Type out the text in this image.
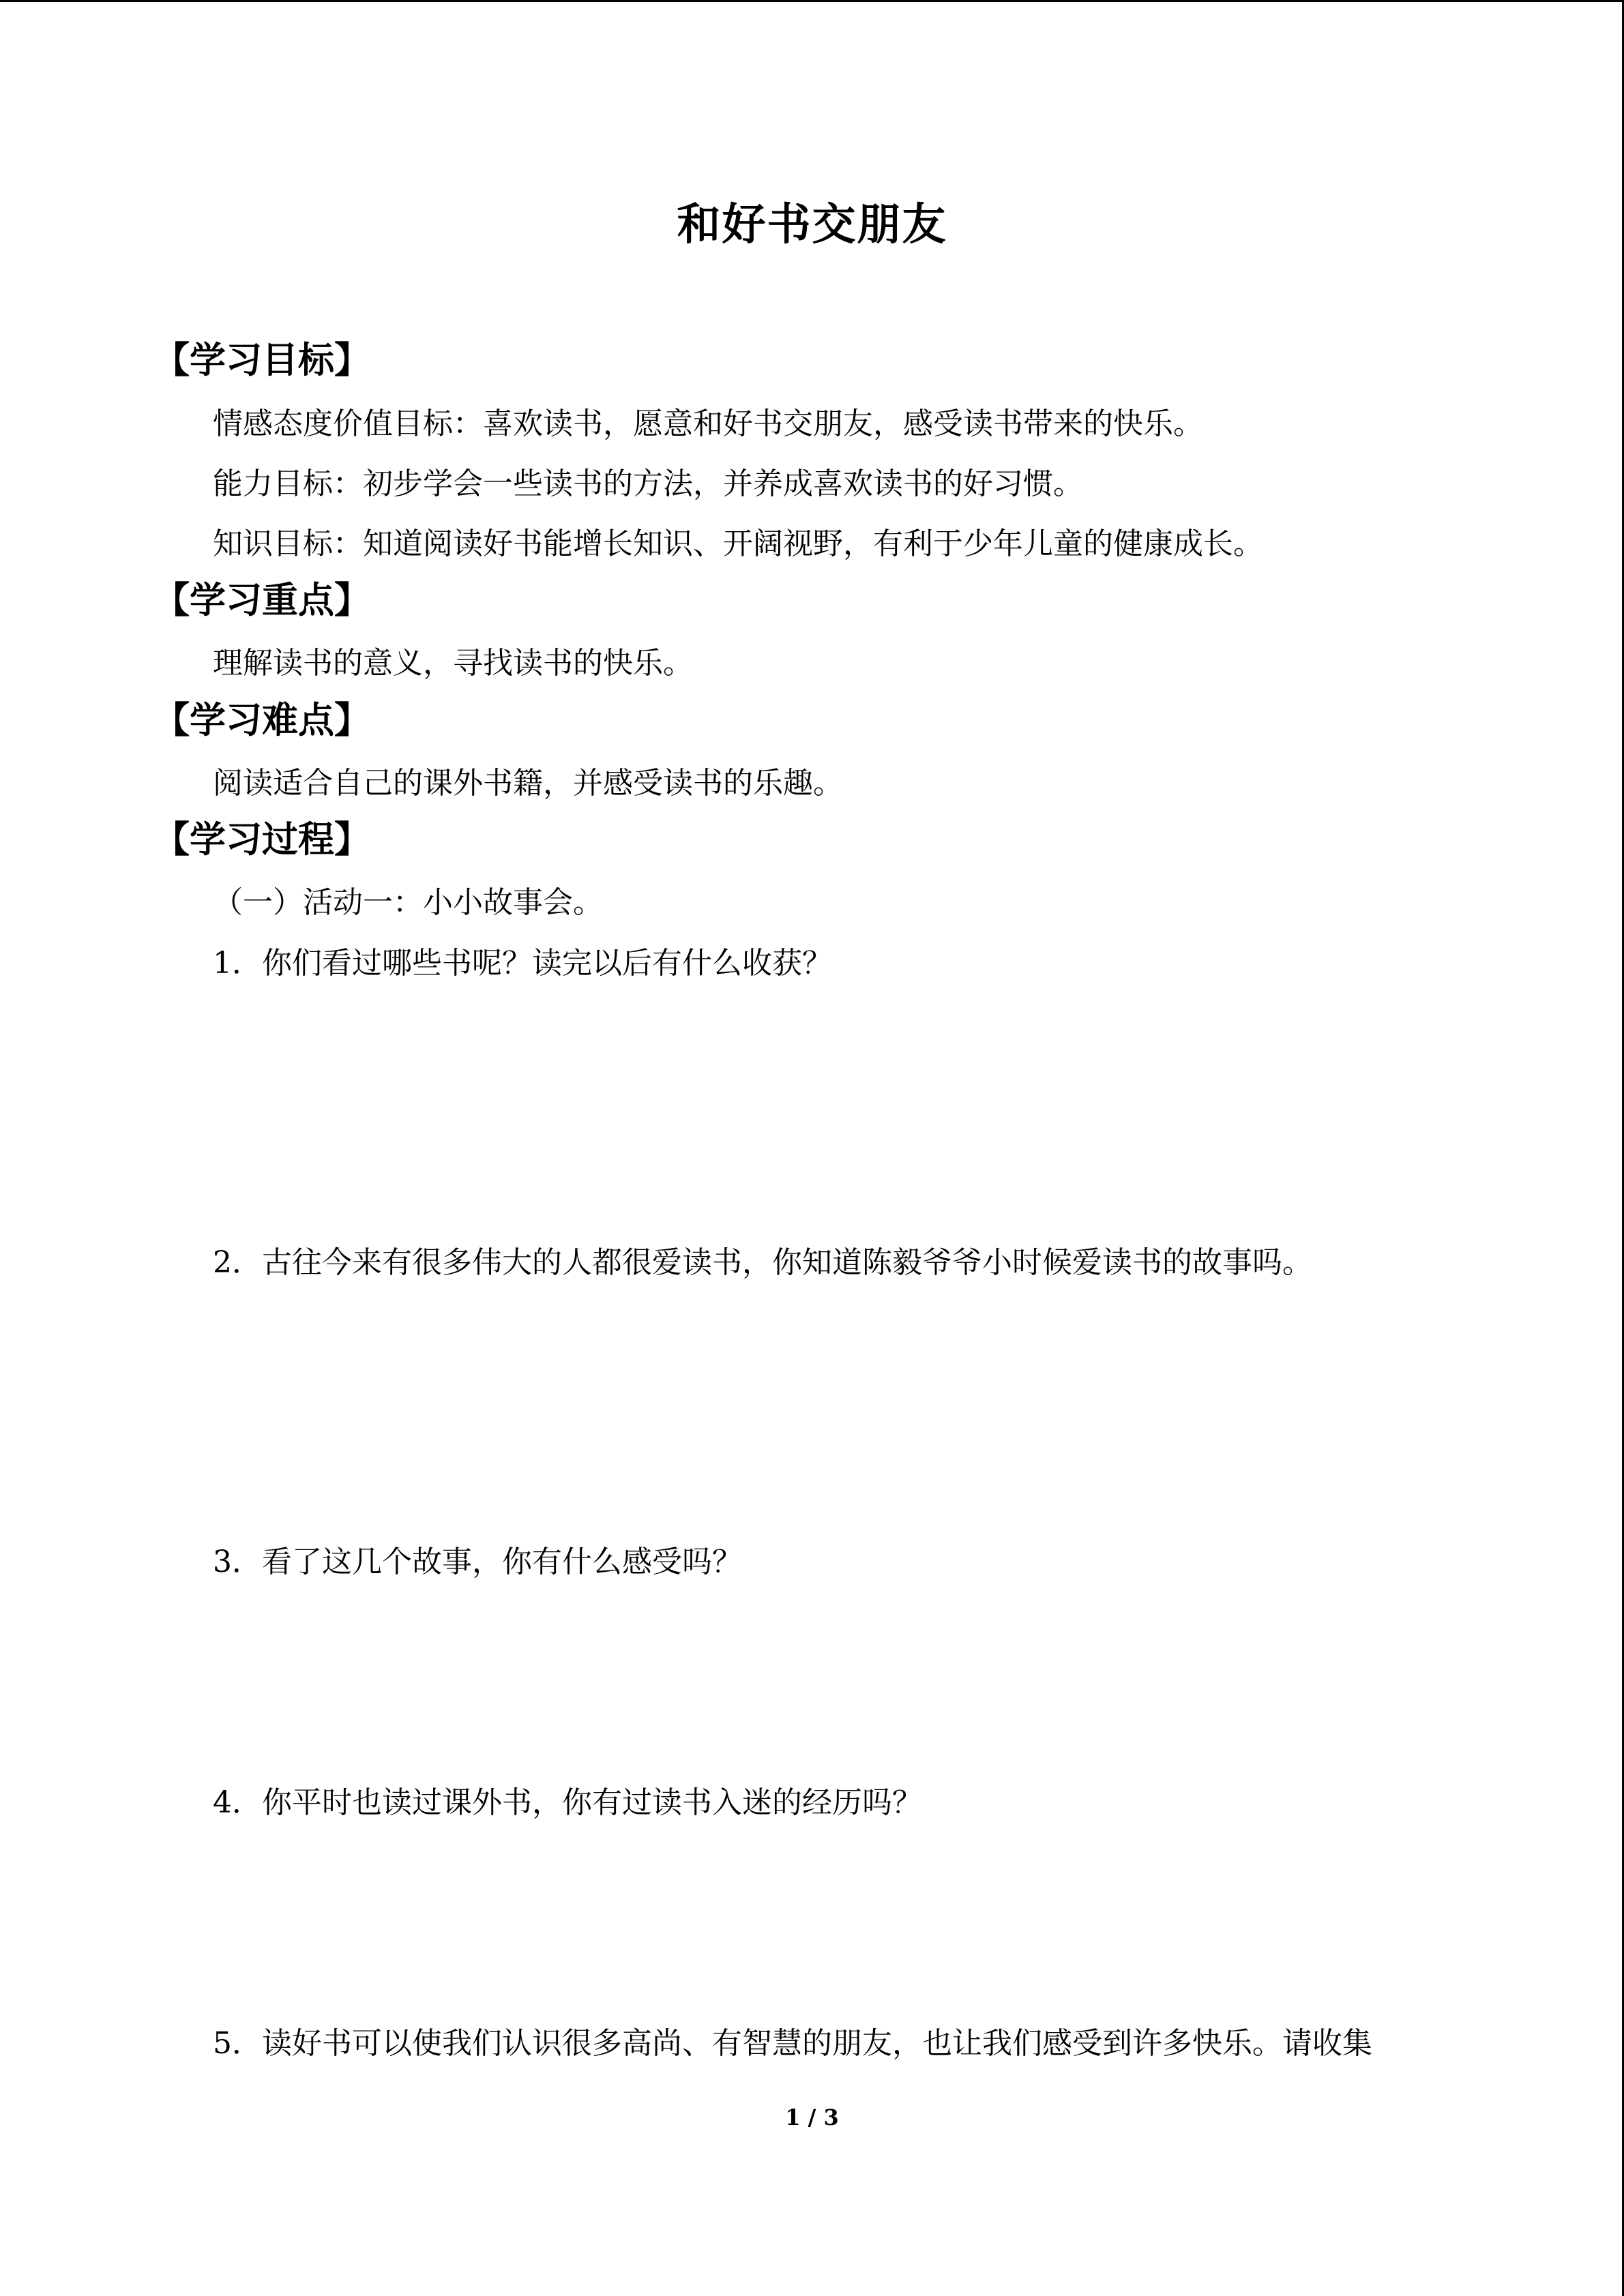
和好书交朋友
【学习目标】
情感态度价值目标：喜欢读书，愿意和好书交朋友，感受读书带来的快乐。
能力目标：初步学会一些读书的方法，并养成喜欢读书的好习惯。
知识目标：知道阅读好书能增长知识、开阔视野，有利于少年儿童的健康成长。
【学习重点】
理解读书的意义，寻找读书的快乐。
【学习难点】
阅读适合自己的课外书籍，并感受读书的乐趣。
【学习过程】
（一）活动一：小小故事会。
1．你们看过哪些书呢？读完以后有什么收获？
2．古往今来有很多伟大的人都很爱读书，你知道陈毅爷爷小时候爱读书的故事吗。
3．看了这几个故事，你有什么感受吗？
4．你平时也读过课外书，你有过读书入迷的经历吗？
5．读好书可以使我们认识很多高尚、有智慧的朋友，也让我们感受到许多快乐。请收集
1 / 3
